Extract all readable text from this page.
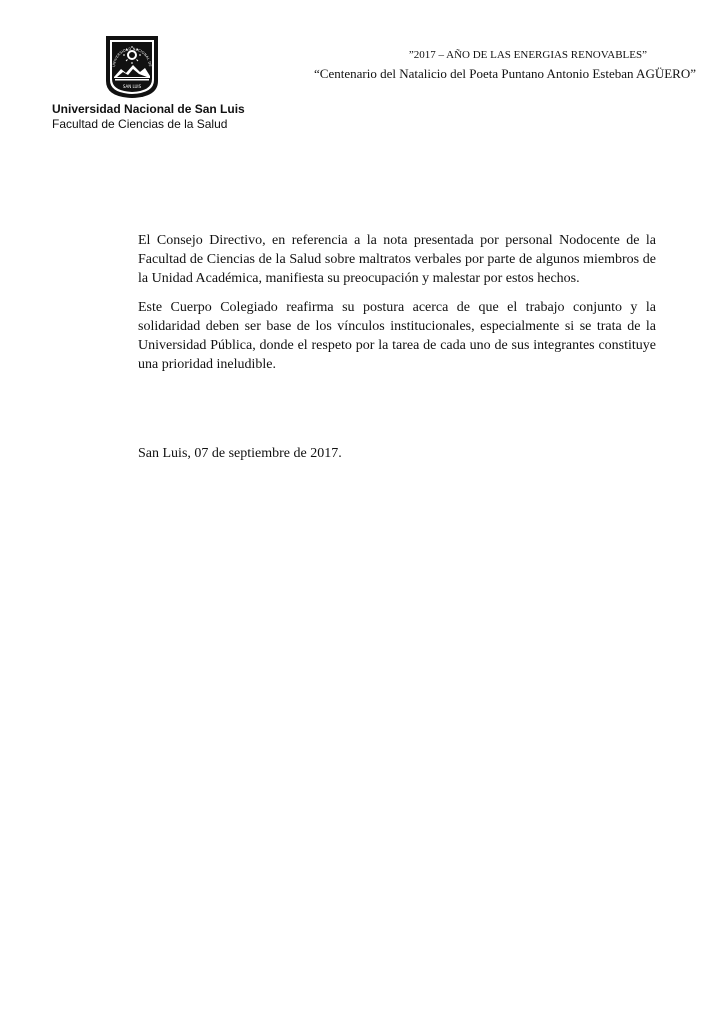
UNIVERSIDAD NACIONAL DE
SAN LUIS
Universidad Nacional de San Luis
Facultad de Ciencias de la Salud
”2017 – AÑO DE LAS ENERGIAS RENOVABLES”
“Centenario del Natalicio del Poeta Puntano Antonio Esteban AGÜERO”

El Consejo Directivo, en referencia a la nota presentada por personal Nodocente de la Facultad de Ciencias de la Salud sobre maltratos verbales por parte de algunos miembros de la Unidad Académica, manifiesta su preocupación y malestar por estos hechos.

Este Cuerpo Colegiado reafirma su postura acerca de que el trabajo conjunto y la solidaridad deben ser base de los vínculos institucionales, especialmente si se trata de la Universidad Pública, donde el respeto por la tarea de cada uno de sus integrantes constituye una prioridad ineludible.

San Luis, 07 de septiembre de 2017.
